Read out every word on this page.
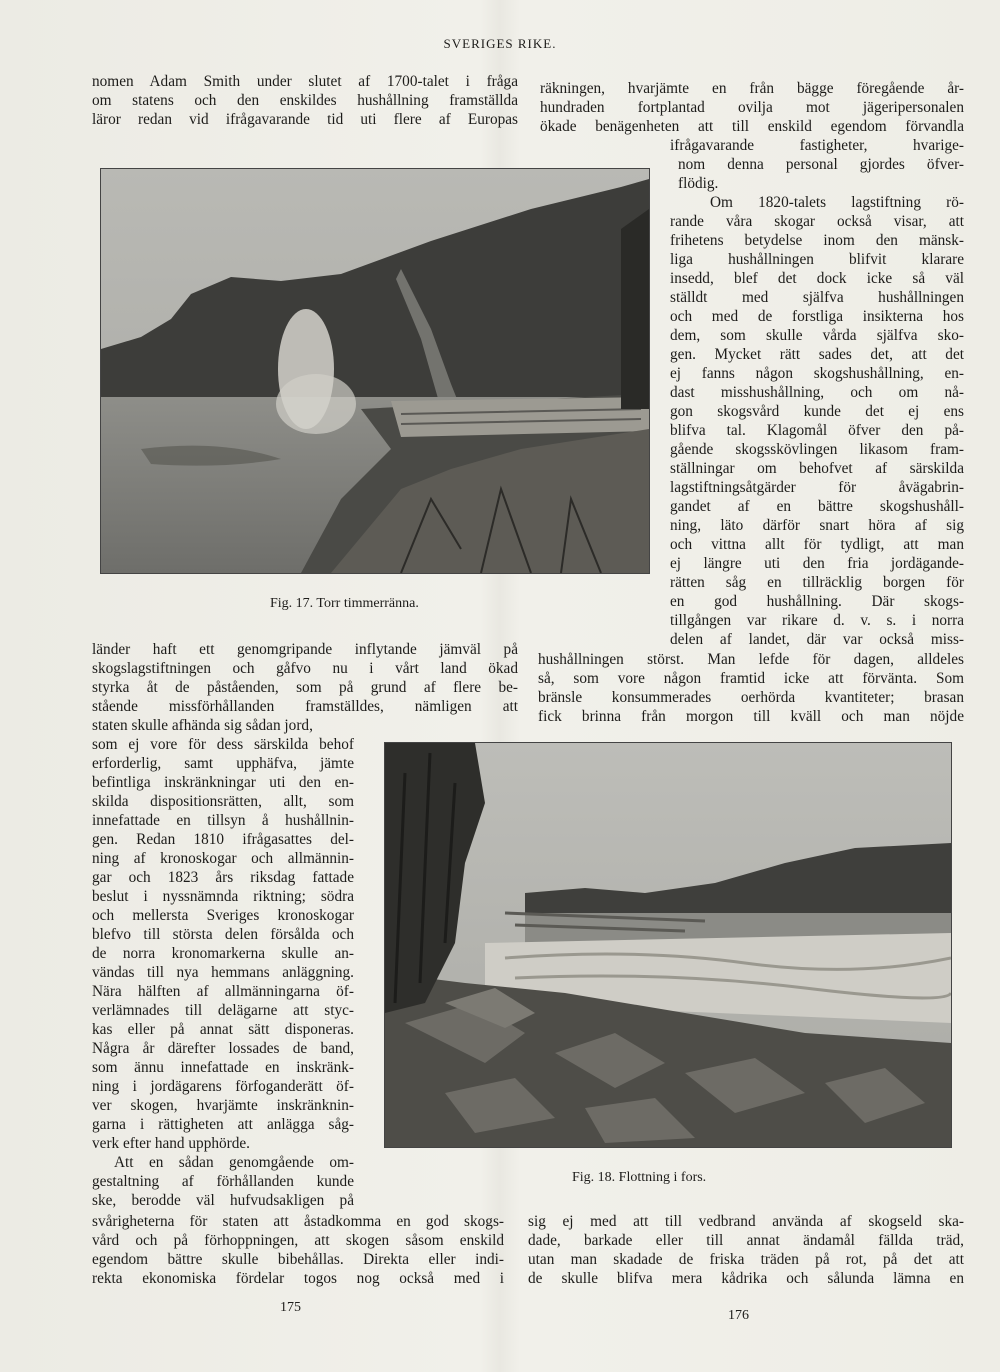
SVERIGES RIKE.
nomen Adam Smith under slutet af 1700-talet i fråga
om statens och den enskildes hushållning framställda
läror redan vid ifrågavarande tid uti flere af Europas
Fig. 17. Torr timmerränna.
länder haft ett genomgripande inflytande jämväl på
skogslagstiftningen och gåfvo nu i vårt land ökad
styrka åt de påståenden, som på grund af flere be-
stående missförhållanden framställdes, nämligen att
staten skulle afhända sig sådan jord,
som ej vore för dess särskilda behof
erforderlig, samt upphäfva, jämte
befintliga inskränkningar uti den en-
skilda dispositionsrätten, allt, som
innefattade en tillsyn å hushållnin-
gen. Redan 1810 ifrågasattes del-
ning af kronoskogar och allmännin-
gar och 1823 års riksdag fattade
beslut i nyssnämnda riktning; södra
och mellersta Sveriges kronoskogar
blefvo till största delen försålda och
de norra kronomarkerna skulle an-
vändas till nya hemmans anläggning.
Nära hälften af allmänningarna öf-
verlämnades till delägarne att styc-
kas eller på annat sätt disponeras.
Några år därefter lossades de band,
som ännu innefattade en inskränk-
ning i jordägarens förfoganderätt öf-
ver skogen, hvarjämte inskränknin-
garna i rättigheten att anlägga såg-
verk efter hand upphörde.
Att en sådan genomgående om-
gestaltning af förhållanden kunde
ske, berodde väl hufvudsakligen på
svårigheterna för staten att åstadkomma en god skogs-
vård och på förhoppningen, att skogen såsom enskild
egendom bättre skulle bibehållas. Direkta eller indi-
rekta ekonomiska fördelar togos nog också med i
175
räkningen, hvarjämte en från bägge föregående år-
hundraden fortplantad ovilja mot jägeripersonalen
ökade benägenheten att till enskild egendom förvandla
ifrågavarande fastigheter, hvarige-
nom denna personal gjordes öfver-
flödig.
Om 1820-talets lagstiftning rö-
rande våra skogar också visar, att
frihetens betydelse inom den mänsk-
liga hushållningen blifvit klarare
insedd, blef det dock icke så väl
ställdt med själfva hushållningen
och med de forstliga insikterna hos
dem, som skulle vårda själfva sko-
gen. Mycket rätt sades det, att det
ej fanns någon skogshushållning, en-
dast misshushållning, och om nå-
gon skogsvård kunde det ej ens
blifva tal. Klagomål öfver den på-
gående skogsskövlingen likasom fram-
ställningar om behofvet af särskilda
lagstiftningsåtgärder för åvägabrin-
gandet af en bättre skogshushåll-
ning, läto därför snart höra af sig
och vittna allt för tydligt, att man
ej längre uti den fria jordägande-
rätten såg en tillräcklig borgen för
en god hushållning. Där skogs-
tillgången var rikare d. v. s. i norra
delen af landet, där var också miss-
hushållningen störst. Man lefde för dagen, alldeles
så, som vore någon framtid icke att förvänta. Som
bränsle konsummerades oerhörda kvantiteter; brasan
fick brinna från morgon till kväll och man nöjde
Fig. 18. Flottning i fors.
sig ej med att till vedbrand använda af skogseld ska-
dade, barkade eller till annat ändamål fällda träd,
utan man skadade de friska träden på rot, på det att
de skulle blifva mera kådrika och sålunda lämna en
176
